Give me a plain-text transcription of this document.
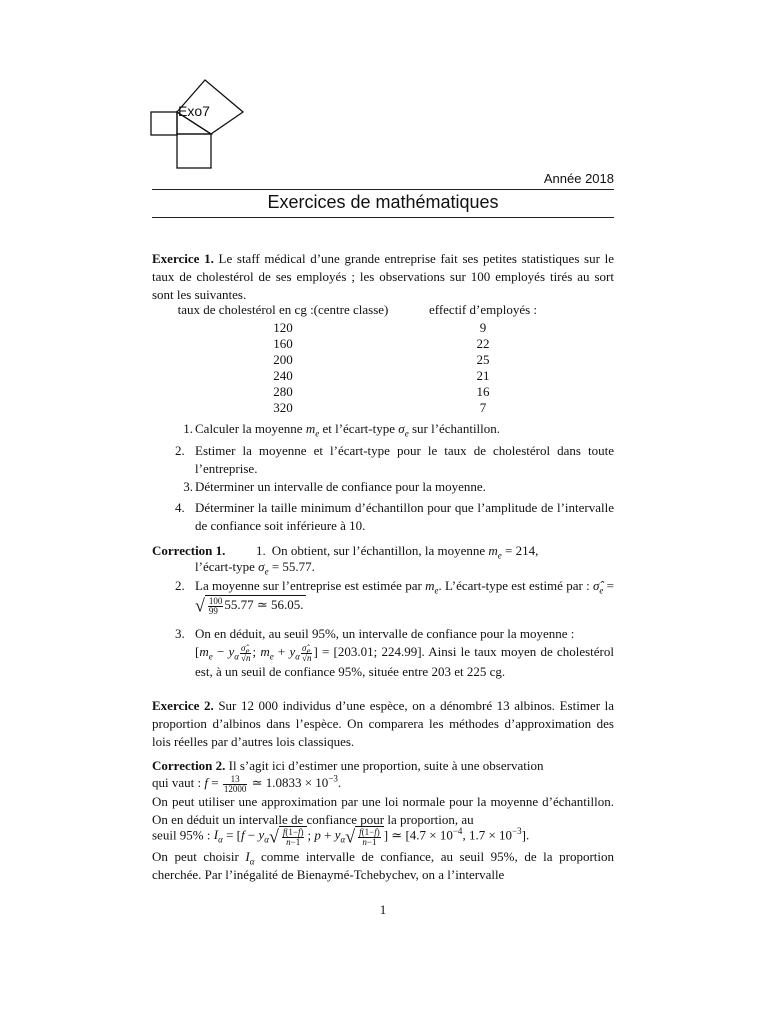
Exo7
Année 2018
Exercices de mathématiques
Exercice 1. Le staff médical d’une grande entreprise fait ses petites statistiques sur le taux de cholestérol de ses employés ; les observations sur 100 employés tirés au sort sont les suivantes.
taux de cholestérol en cg :(centre classe)	effectif d’employés :
120	9
160	22
200	25
240	21
280	16
320	7
1. Calculer la moyenne $m_e$ et l’écart-type $\sigma_e$ sur l’échantillon.
2. Estimer la moyenne et l’écart-type pour le taux de cholestérol dans toute l’entreprise.
3. Déterminer un intervalle de confiance pour la moyenne.
4. Déterminer la taille minimum d’échantillon pour que l’amplitude de l’intervalle de confiance soit inférieure à 10.
Correction 1. 1. On obtient, sur l’échantillon, la moyenne $m_e = 214$,
l’écart-type $\sigma_e = 55.77$.
2. La moyenne sur l’entreprise est estimée par $m_e$. L’écart-type est estimé par : $\sigmâ_e$ = √ $\frac{100}{99} 55.77$ ≃ 56.05.
3. On en déduit, au seuil 95%, un intervalle de confiance pour la moyenne :
[$m_e - y_\alpha \frac{\sigmâ_e}{√n}$ ; $m_e + y_\alpha \frac{\sigmâ_e}{√n}$ ] = [203.01; 224.99]. Ainsi le taux moyen de cholestérol est, à un seuil de confiance 95%, située entre 203 et 225 cg.
Exercice 2. Sur 12 000 individus d’une espèce, on a dénombré 13 albinos. Estimer la proportion d’albinos dans l’espèce. On comparera les méthodes d’approximation des lois réelles par d’autres lois classiques.
Correction 2. Il s’agit ici d’estimer une proportion, suite à une observation
qui vaut : $f = \frac{13}{12000}$ ≃ $1.0833 \times 10^{-3}$.
On peut utiliser une approximation par une loi normale pour la moyenne d’échantillon. On en déduit un intervalle de confiance pour la proportion, au
seuil 95% : $I_\alpha = [f - y_\alpha√ \frac{f(1-f)}{n-1}$ ; $p + y_\alpha√ \frac{f(1-f)}{n-1}$ ] ≃ [$4.7 \times 10^{-4}$, $1.7 \times 10^{-3}$].
On peut choisir $I_\alpha$ comme intervalle de confiance, au seuil 95%, de la proportion cherchée. Par l’inégalité de Bienaymé-Tchebychev, on a l’intervalle
1
